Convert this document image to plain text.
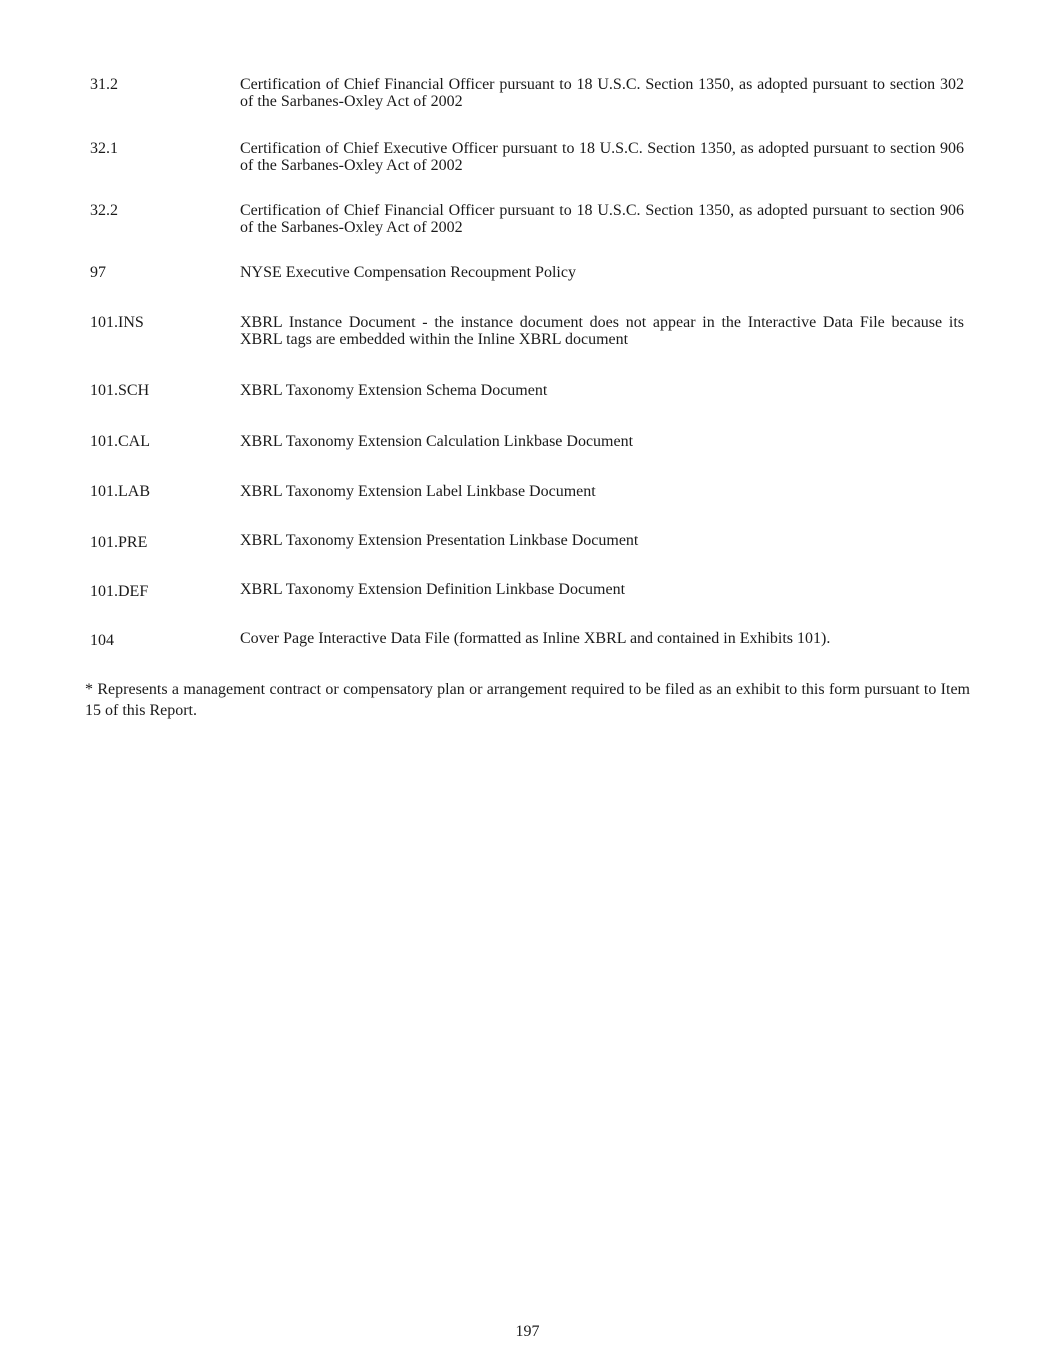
31.2	Certification of Chief Financial Officer pursuant to 18 U.S.C. Section 1350, as adopted pursuant to section 302 of the Sarbanes-Oxley Act of 2002
32.1	Certification of Chief Executive Officer pursuant to 18 U.S.C. Section 1350, as adopted pursuant to section 906 of the Sarbanes-Oxley Act of 2002
32.2	Certification of Chief Financial Officer pursuant to 18 U.S.C. Section 1350, as adopted pursuant to section 906 of the Sarbanes-Oxley Act of 2002
97	NYSE Executive Compensation Recoupment Policy
101.INS	XBRL Instance Document - the instance document does not appear in the Interactive Data File because its XBRL tags are embedded within the Inline XBRL document
101.SCH	XBRL Taxonomy Extension Schema Document
101.CAL	XBRL Taxonomy Extension Calculation Linkbase Document
101.LAB	XBRL Taxonomy Extension Label Linkbase Document
101.PRE	XBRL Taxonomy Extension Presentation Linkbase Document
101.DEF	XBRL Taxonomy Extension Definition Linkbase Document
104	Cover Page Interactive Data File (formatted as Inline XBRL and contained in Exhibits 101).
* Represents a management contract or compensatory plan or arrangement required to be filed as an exhibit to this form pursuant to Item 15 of this Report.
197
